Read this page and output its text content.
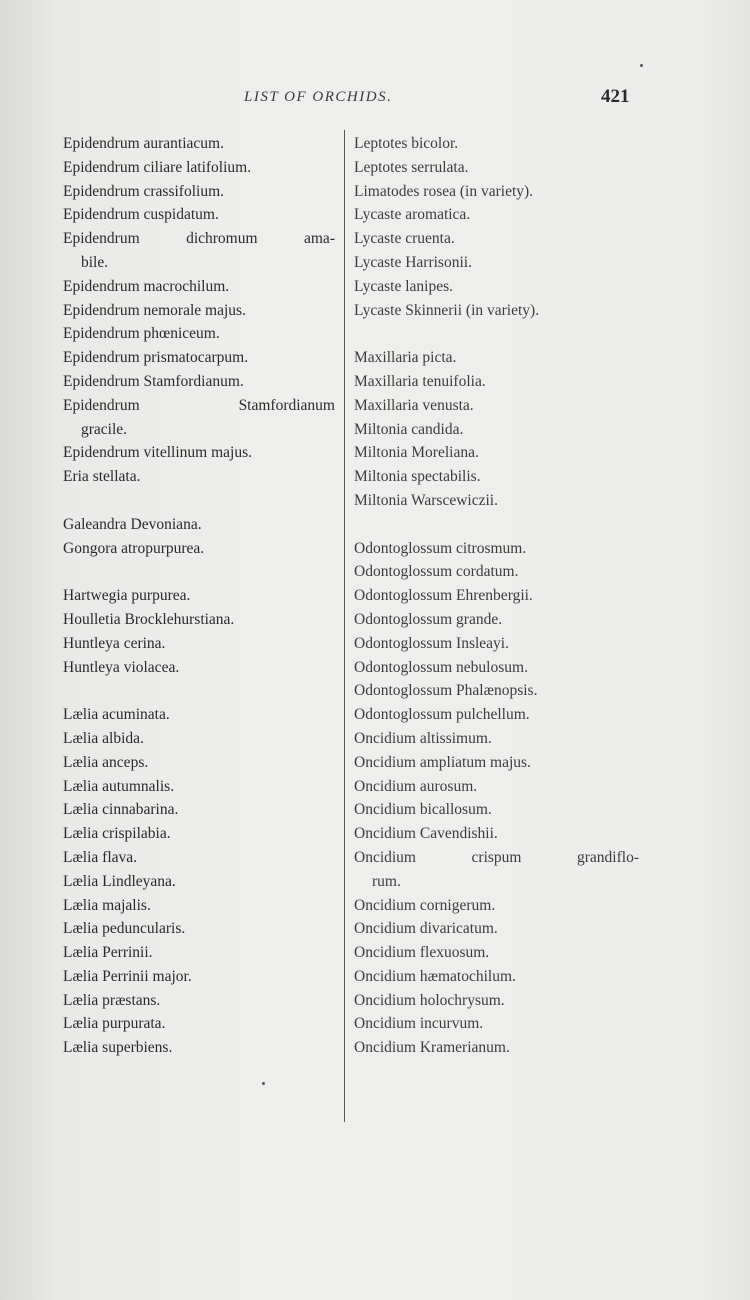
LIST OF ORCHIDS.	421
Epidendrum aurantiacum.
Epidendrum ciliare latifolium.
Epidendrum crassifolium.
Epidendrum cuspidatum.
Epidendrum	dichromum	ama-
bile.
Epidendrum macrochilum.
Epidendrum nemorale majus.
Epidendrum phœniceum.
Epidendrum prismatocarpum.
Epidendrum Stamfordianum.
Epidendrum	Stamfordianum
gracile.
Epidendrum vitellinum majus.
Eria stellata.
Galeandra Devoniana.
Gongora atropurpurea.
Hartwegia purpurea.
Houlletia Brocklehurstiana.
Huntleya cerina.
Huntleya violacea.
Lælia acuminata.
Lælia albida.
Lælia anceps.
Lælia autumnalis.
Lælia cinnabarina.
Lælia crispilabia.
Lælia flava.
Lælia Lindleyana.
Lælia majalis.
Lælia peduncularis.
Lælia Perrinii.
Lælia Perrinii major.
Lælia præstans.
Lælia purpurata.
Lælia superbiens.
Leptotes bicolor.
Leptotes serrulata.
Limatodes rosea (in variety).
Lycaste aromatica.
Lycaste cruenta.
Lycaste Harrisonii.
Lycaste lanipes.
Lycaste Skinnerii (in variety).
Maxillaria picta.
Maxillaria tenuifolia.
Maxillaria venusta.
Miltonia candida.
Miltonia Moreliana.
Miltonia spectabilis.
Miltonia Warscewiczii.
Odontoglossum citrosmum.
Odontoglossum cordatum.
Odontoglossum Ehrenbergii.
Odontoglossum grande.
Odontoglossum Insleayi.
Odontoglossum nebulosum.
Odontoglossum Phalænopsis.
Odontoglossum pulchellum.
Oncidium altissimum.
Oncidium ampliatum majus.
Oncidium aurosum.
Oncidium bicallosum.
Oncidium Cavendishii.
Oncidium	crispum	grandiflo-
rum.
Oncidium cornigerum.
Oncidium divaricatum.
Oncidium flexuosum.
Oncidium hæmatochilum.
Oncidium holochrysum.
Oncidium incurvum.
Oncidium Kramerianum.
